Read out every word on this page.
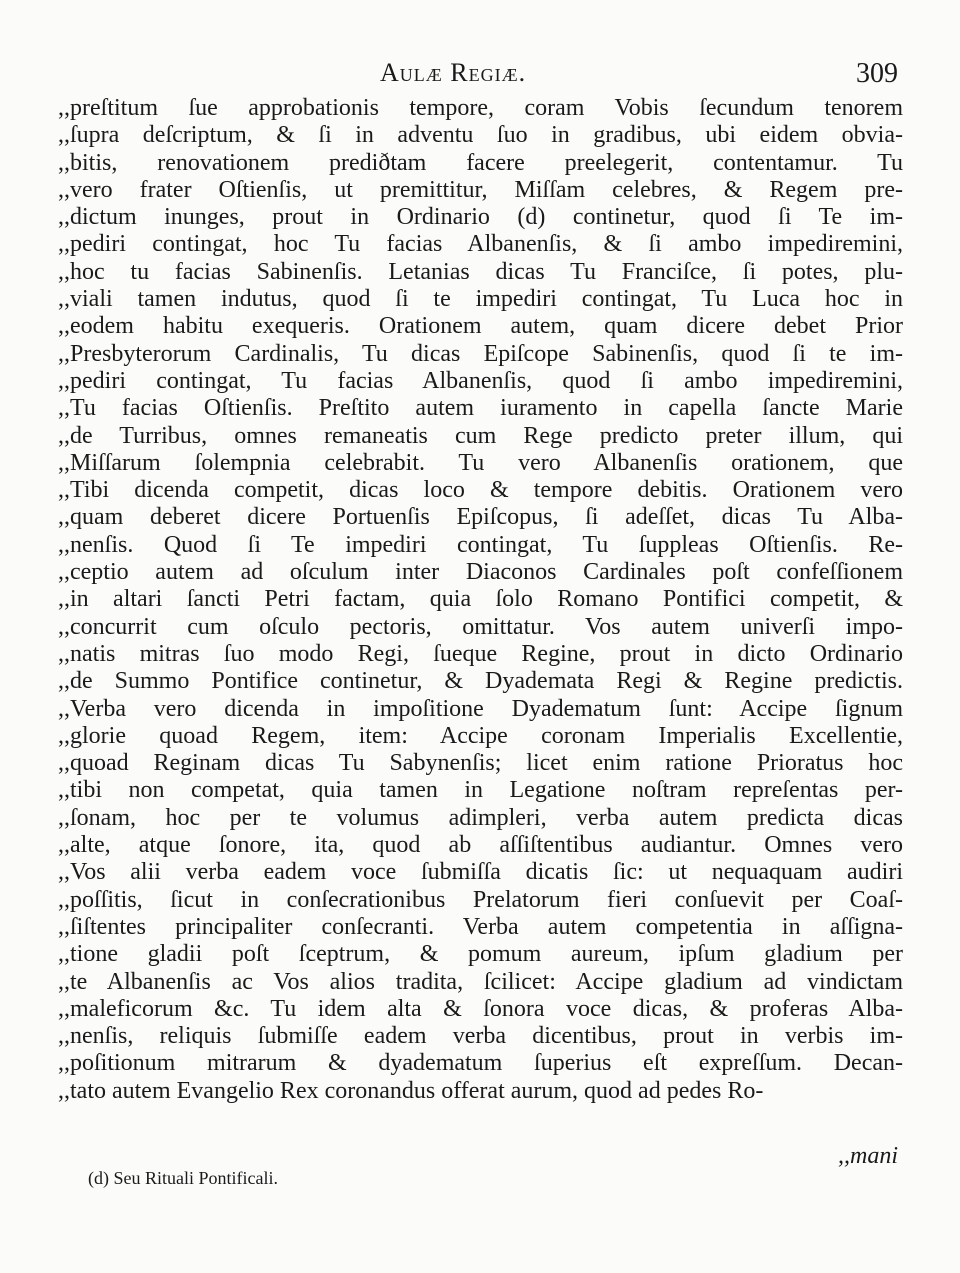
Aulæ Regiæ.	309
,,preſtitum ſue approbationis tempore, coram Vobis ſecundum tenorem
,,ſupra deſcriptum, & ſi in adventu ſuo in gradibus, ubi eidem obvia-
,,bitis, renovationem prediðtam facere preelegerit, contentamur. Tu
,,vero frater Oſtienſis, ut premittitur, Miſſam celebres, & Regem pre-
,,dictum inunges, prout in Ordinario (d) continetur, quod ſi Te im-
,,pediri contingat, hoc Tu facias Albanenſis, & ſi ambo impediremini,
,,hoc tu facias Sabinenſis. Letanias dicas Tu Franciſce, ſi potes, plu-
,,viali tamen indutus, quod ſi te impediri contingat, Tu Luca hoc in
,,eodem habitu exequeris. Orationem autem, quam dicere debet Prior
,,Presbyterorum Cardinalis, Tu dicas Epiſcope Sabinenſis, quod ſi te im-
,,pediri contingat, Tu facias Albanenſis, quod ſi ambo impediremini,
,,Tu facias Oſtienſis. Preſtito autem iuramento in capella ſancte Marie
,,de Turribus, omnes remaneatis cum Rege predicto preter illum, qui
,,Miſſarum ſolempnia celebrabit. Tu vero Albanenſis orationem, que
,,Tibi dicenda competit, dicas loco & tempore debitis. Orationem vero
,,quam deberet dicere Portuenſis Epiſcopus, ſi adeſſet, dicas Tu Alba-
,,nenſis. Quod ſi Te impediri contingat, Tu ſuppleas Oſtienſis. Re-
,,ceptio autem ad oſculum inter Diaconos Cardinales poſt confeſſionem
,,in altari ſancti Petri factam, quia ſolo Romano Pontifici competit, &
,,concurrit cum oſculo pectoris, omittatur. Vos autem univerſi impo-
,,natis mitras ſuo modo Regi, ſueque Regine, prout in dicto Ordinario
,,de Summo Pontifice continetur, & Dyademata Regi & Regine predictis.
,,Verba vero dicenda in impoſitione Dyadematum ſunt: Accipe ſignum
,,glorie quoad Regem, item: Accipe coronam Imperialis Excellentie,
,,quoad Reginam dicas Tu Sabynenſis; licet enim ratione Prioratus hoc
,,tibi non competat, quia tamen in Legatione noſtram repreſentas per-
,,ſonam, hoc per te volumus adimpleri, verba autem predicta dicas
,,alte, atque ſonore, ita, quod ab aſſiſtentibus audiantur. Omnes vero
,,Vos alii verba eadem voce ſubmiſſa dicatis ſic: ut nequaquam audiri
,,poſſitis, ſicut in conſecrationibus Prelatorum fieri conſuevit per Coaſ-
,,ſiſtentes principaliter conſecranti. Verba autem competentia in aſſigna-
,,tione gladii poſt ſceptrum, & pomum aureum, ipſum gladium per
,,te Albanenſis ac Vos alios tradita, ſcilicet: Accipe gladium ad vindictam
,,maleficorum &c. Tu idem alta & ſonora voce dicas, & proferas Alba-
,,nenſis, reliquis ſubmiſſe eadem verba dicentibus, prout in verbis im-
,,poſitionum mitrarum & dyadematum ſuperius eſt expreſſum. Decan-
,,tato autem Evangelio Rex coronandus offerat aurum, quod ad pedes Ro-
,,mani
(d) Seu Rituali Pontificali.
